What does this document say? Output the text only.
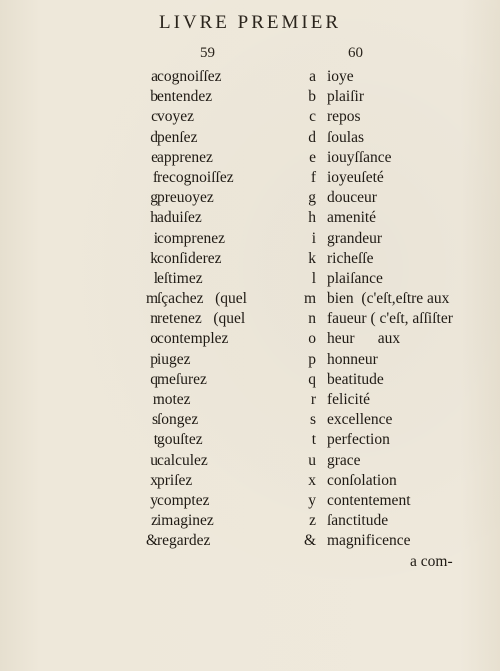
LIVRE PREMIER
59	60
a cognoiſſez	a ioye
b entendez	b plaiſir
c voyez	c repos
d penſez	d ſoulas
e apprenez	e iouyſſance
f recognoiſſez	f ioyeuſeté
g preuoyez	g douceur
h aduiſez	h amenité
i comprenez	i grandeur
k conſiderez	k richeſſe
l eſtimez	l plaiſance
m ſçachez   (quel	m bien  (c'eſt,eſtre aux
n retenez   (quel	n faueur ( c'eſt, aſſiſter
o contemplez	o heur      aux
p iugez	p honneur
q meſurez	q beatitude
r notez	r felicité
s ſongez	s excellence
t gouſtez	t perfection
u calculez	u grace
x priſez	x conſolation
y comptez	y contentement
z imaginez	z ſanctitude
& regardez	& magnificence
a com-
